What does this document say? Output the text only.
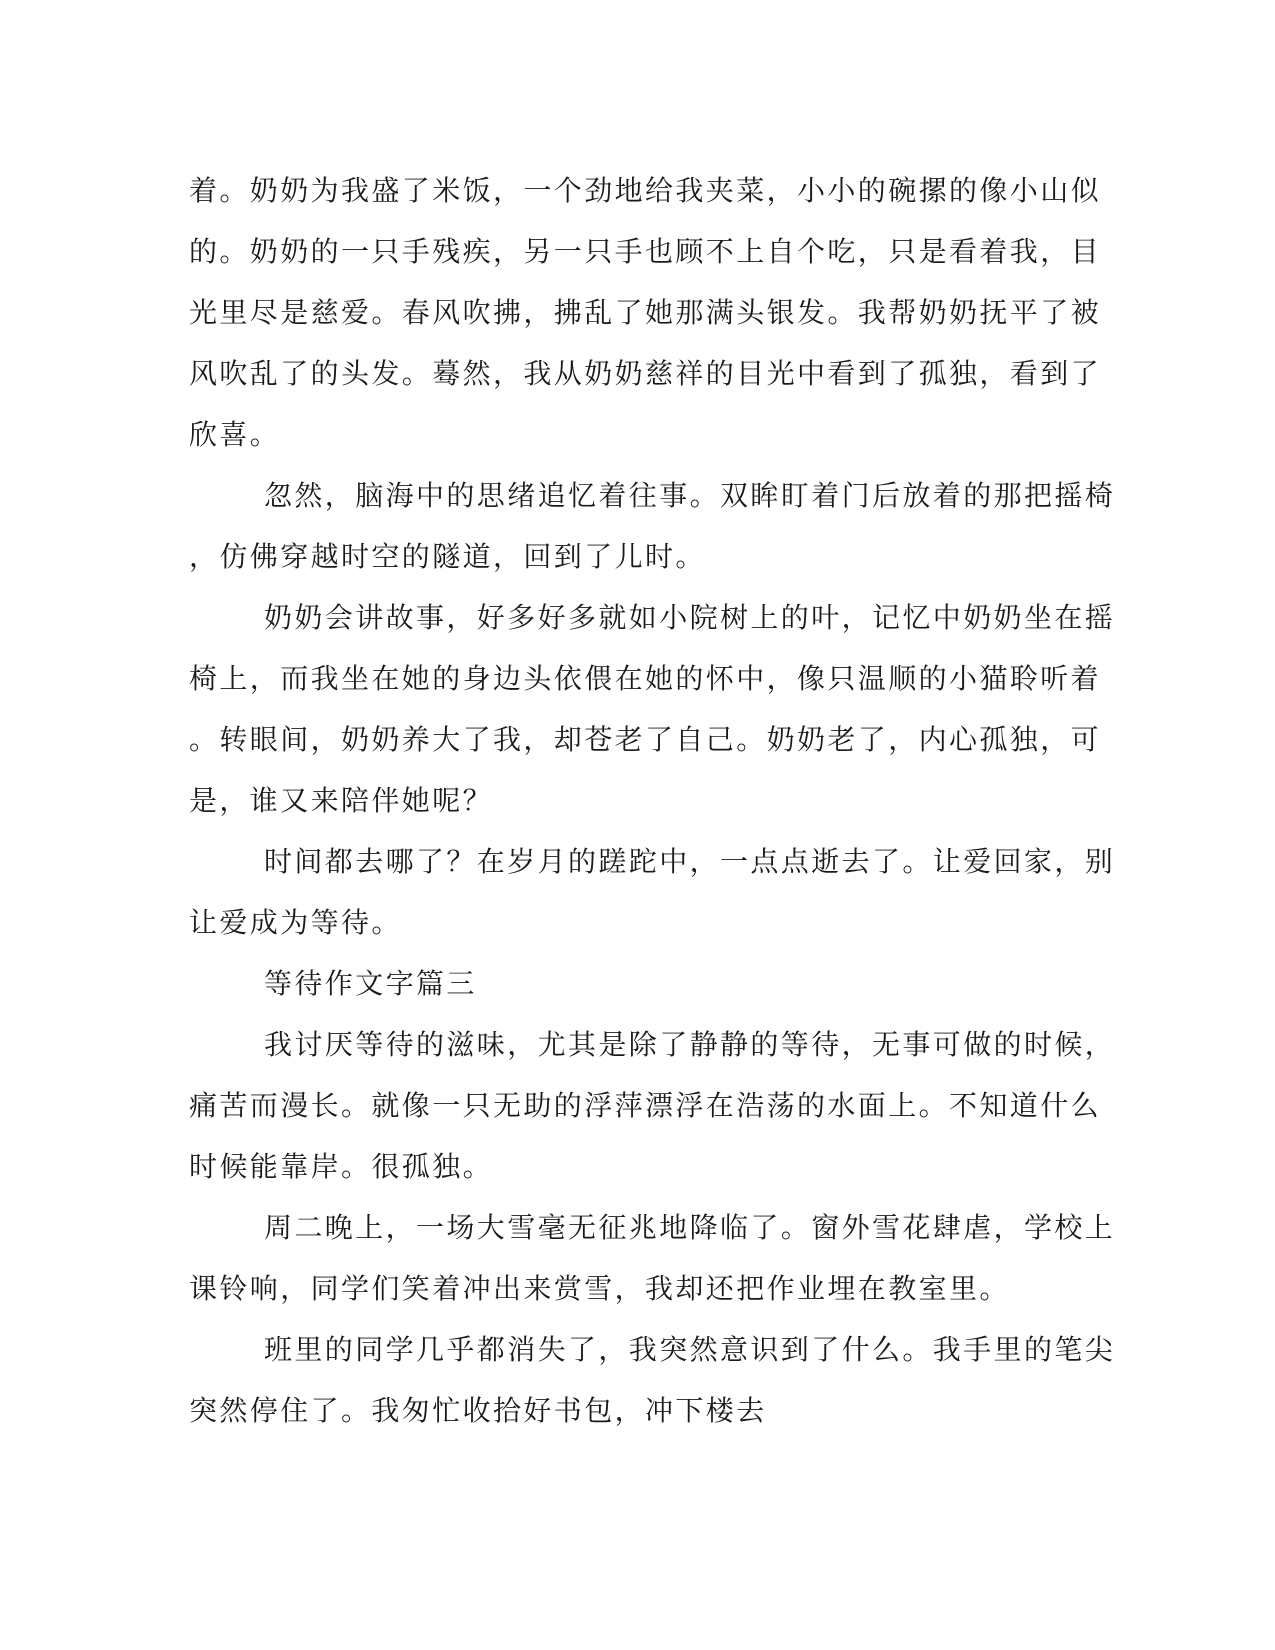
着。奶奶为我盛了米饭，一个劲地给我夹菜，小小的碗摞的像小山似
的。奶奶的一只手残疾，另一只手也顾不上自个吃，只是看着我，目
光里尽是慈爱。春风吹拂，拂乱了她那满头银发。我帮奶奶抚平了被
风吹乱了的头发。蓦然，我从奶奶慈祥的目光中看到了孤独，看到了
欣喜。
忽然，脑海中的思绪追忆着往事。双眸盯着门后放着的那把摇椅
，仿佛穿越时空的隧道，回到了儿时。
奶奶会讲故事，好多好多就如小院树上的叶，记忆中奶奶坐在摇
椅上，而我坐在她的身边头依偎在她的怀中，像只温顺的小猫聆听着
。转眼间，奶奶养大了我，却苍老了自己。奶奶老了，内心孤独，可
是，谁又来陪伴她呢？
时间都去哪了？在岁月的蹉跎中，一点点逝去了。让爱回家，别
让爱成为等待。
等待作文字篇三
我讨厌等待的滋味，尤其是除了静静的等待，无事可做的时候，
痛苦而漫长。就像一只无助的浮萍漂浮在浩荡的水面上。不知道什么
时候能靠岸。很孤独。
周二晚上，一场大雪毫无征兆地降临了。窗外雪花肆虐，学校上
课铃响，同学们笑着冲出来赏雪，我却还把作业埋在教室里。
班里的同学几乎都消失了，我突然意识到了什么。我手里的笔尖
突然停住了。我匆忙收拾好书包，冲下楼去
